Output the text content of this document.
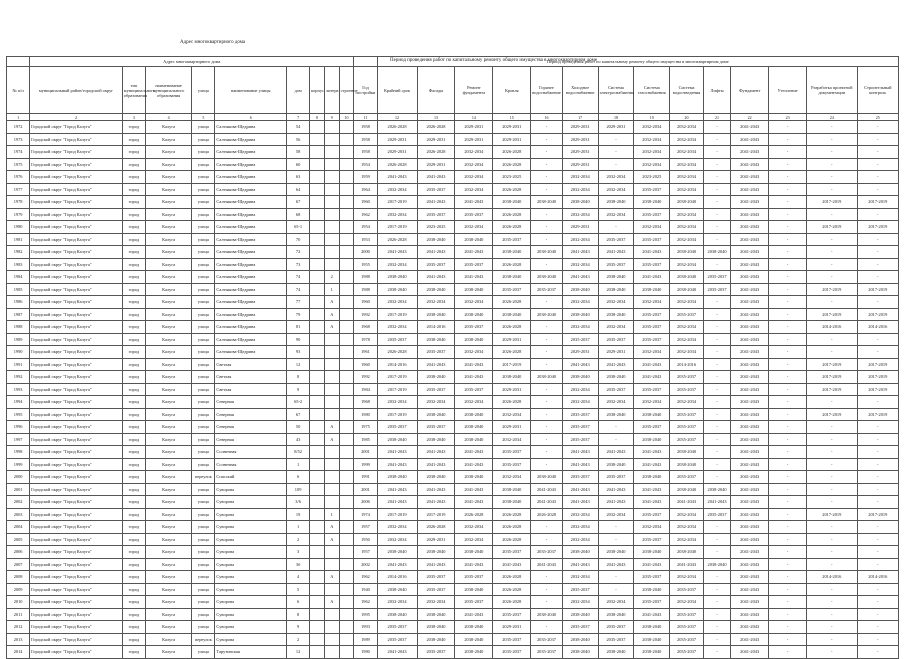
Адрес многоквартирного дома
Период проведения работ по капитальному ремонту общего имущества в многоквартирном доме
	Адрес многоквартирного дома										Период проведения работ по капитальному ремонту общего имущества в многоквартирном доме													
№ п/п	муниципальный район/городской округ	тип муниципального образования	наименование муниципального образования	улица	наименование улицы	дом	корпус	литера	строение	Год постройки	Крайний срок	Фасады	Ремонт фундамента	Кровля	Горячее водоснабжение	Холодное водоснабжение	Система электроснабжения	Система газоснабжения	Система водоотведения	Лифты	Фундамент	Утепление	Разработка проектной документации	Строительный контроль
1	2	3	4	5	6	7	8	9	10	11	12	13	14	15	16	17	18	19	20	21	22	23	24	25
1972	Городской округ "Город Калуга"	город	Калуга	улица	Салтыкова-Щедрина	54				1958	2026-2028	2026-2028	2029-2031	2029-2031	-	2029-2031	2029-2031	2032-2034	2032-2034	-	2041-2043	-	-	-
1973	Городской округ "Город Калуга"	город	Калуга	улица	Салтыкова-Щедрина	56				1958	2029-2031	2029-2031	2029-2031	2029-2031	-	2029-2031	-	2032-2034	2032-2034	-	2041-2043	-	-	-
1974	Городской округ "Город Калуга"	город	Калуга	улица	Салтыкова-Щедрина	58				1958	2029-2031	2026-2028	2032-2034	2026-2028	-	2029-2031	-	2032-2034	2032-2034	-	2041-2043	-	-	-
1975	Городской округ "Город Калуга"	город	Калуга	улица	Салтыкова-Щедрина	60				1954	2026-2028	2029-2031	2032-2034	2026-2028	-	2029-2031	-	2032-2034	2032-2034	-	2041-2043	-	-	-
1976	Городской округ "Город Калуга"	город	Калуга	улица	Салтыкова-Щедрина	63				1959	2041-2043	2041-2043	2032-2034	2023-2025	-	2032-2034	2032-2034	2023-2025	2032-2034	-	2041-2043	-	-	-
1977	Городской округ "Город Калуга"	город	Калуга	улица	Салтыкова-Щедрина	64				1964	2032-2034	2035-2037	2032-2034	2026-2028	-	2032-2034	2032-2034	2035-2037	2032-2034	-	2041-2043	-	-	-
1978	Городской округ "Город Калуга"	город	Калуга	улица	Салтыкова-Щедрина	67				1960	2017-2019	2041-2043	2041-2043	2038-2040	2038-2040	2038-2040	2038-2040	2038-2040	2038-2040	-	2041-2043	-	2017-2019	2017-2019
1979	Городской округ "Город Калуга"	город	Калуга	улица	Салтыкова-Щедрина	68				1962	2032-2034	2035-2037	2035-2037	2026-2028	-	2032-2034	2032-2034	2035-2037	2032-2034	-	2041-2043	-	-	-
1980	Городской округ "Город Калуга"	город	Калуга	улица	Салтыкова-Щедрина	65-1				1954	2017-2019	2023-2025	2032-2034	2026-2028	-	2029-2031	-	2032-2034	2032-2034	-	2041-2043	-	2017-2019	2017-2019
1981	Городской округ "Город Калуга"	город	Калуга	улица	Салтыкова-Щедрина	70				1953	2026-2028	2038-2040	2038-2040	2035-2037	-	2032-2034	2035-2037	2035-2037	2032-2034	-	2041-2043	-	-	-
1982	Городской округ "Город Калуга"	город	Калуга	улица	Салтыкова-Щедрина	72				2000	2041-2043	2041-2043	2041-2043	2038-2040	2038-2040	2041-2043	2041-2043	2041-2043	2038-2040	2038-2040	2041-2043	-	-	-
1983	Городской округ "Город Калуга"	город	Калуга	улица	Салтыкова-Щедрина	73				1955	2032-2034	2035-2037	2035-2037	2026-2028	-	2032-2034	2035-2037	2035-2037	2032-2034	-	2041-2043	-	-	-
1984	Городской округ "Город Калуга"	город	Калуга	улица	Салтыкова-Щедрина	74		2		1988	2038-2040	2041-2043	2041-2043	2038-2040	2038-2040	2041-2043	2038-2040	2041-2043	2038-2040	2035-2037	2041-2043	-	-	-
1985	Городской округ "Город Калуга"	город	Калуга	улица	Салтыкова-Щедрина	74		1		1988	2038-2040	2038-2040	2038-2040	2035-2037	2035-2037	2038-2040	2038-2040	2038-2040	2038-2040	2035-2037	2041-2043	-	2017-2019	2017-2019
1986	Городской округ "Город Калуга"	город	Калуга	улица	Салтыкова-Щедрина	77		А		1960	2032-2034	2032-2034	2032-2034	2026-2028	-	2032-2034	2032-2034	2032-2034	2032-2034	-	2041-2043	-	-	-
1987	Городской округ "Город Калуга"	город	Калуга	улица	Салтыкова-Щедрина	79		А		1992	2017-2019	2038-2040	2038-2040	2038-2040	2038-2040	2038-2040	2038-2040	2035-2037	2035-2037	-	2041-2043	-	2017-2019	2017-2019
1988	Городской округ "Город Калуга"	город	Калуга	улица	Салтыкова-Щедрина	81		А		1968	2032-2034	2014-2016	2035-2037	2026-2028	-	2032-2034	2032-2034	2035-2037	2032-2034	-	2041-2043	-	2014-2016	2014-2016
1989	Городской округ "Город Калуга"	город	Калуга	улица	Салтыкова-Щедрина	90				1978	2035-2037	2038-2040	2038-2040	2029-2031	-	2035-2037	2035-2037	2035-2037	2032-2034	-	2041-2043	-	-	-
1990	Городской округ "Город Калуга"	город	Калуга	улица	Салтыкова-Щедрина	93				1961	2026-2028	2035-2037	2032-2034	2026-2028	-	2029-2031	2029-2031	2032-2034	2032-2034	-	2041-2043	-	-	-
1991	Городской округ "Город Калуга"	город	Калуга	улица	Светлая	12				1960	2014-2016	2041-2043	2041-2043	2017-2019	-	2041-2043	2041-2043	2041-2043	2014-2016	-	2041-2043	-	2017-2019	2017-2019
1992	Городской округ "Город Калуга"	город	Калуга	улица	Светлая	8				1992	2017-2019	2038-2040	2041-2043	2038-2040	2038-2040	2038-2040	2038-2040	2041-2043	2035-2037	-	2041-2043	-	2017-2019	2017-2019
1993	Городской округ "Город Калуга"	город	Калуга	улица	Светлая	9				1984	2017-2019	2035-2037	2035-2037	2029-2031	-	2032-2034	2035-2037	2035-2037	2035-2037	-	2041-2043	-	2017-2019	2017-2019
1994	Городской округ "Город Калуга"	город	Калуга	улица	Северная	65-2				1968	2032-2034	2032-2034	2032-2034	2026-2028	-	2032-2034	2032-2034	2032-2034	2032-2034	-	2041-2043	-	-	-
1995	Городской округ "Город Калуга"	город	Калуга	улица	Северная	67				1980	2017-2019	2038-2040	2038-2040	2032-2034	-	2035-2037	2038-2040	2038-2040	2035-2037	-	2041-2043	-	2017-2019	2017-2019
1996	Городской округ "Город Калуга"	город	Калуга	улица	Северная	50		А		1975	2035-2037	2035-2037	2038-2040	2029-2031	-	2035-2037	-	2035-2037	2035-2037	-	2041-2043	-	-	-
1997	Городской округ "Город Калуга"	город	Калуга	улица	Северная	43		А		1985	2038-2040	2038-2040	2038-2040	2032-2034	-	2035-2037	-	2038-2040	2035-2037	-	2041-2043	-	-	-
1998	Городской округ "Город Калуга"	город	Калуга	улица	Солнечная	8/52				2001	2041-2043	2041-2043	2041-2043	2035-2037	-	2041-2043	2041-2043	2041-2043	2038-2040	-	2041-2043	-	-	-
1999	Городской округ "Город Калуга"	город	Калуга	улица	Солнечная	1				1999	2041-2043	2041-2043	2041-2043	2035-2037	-	2041-2043	2038-2040	2041-2043	2038-2040	-	2041-2043	-	-	-
2000	Городской округ "Город Калуга"	город	Калуга	переулок	Спасский	6				1991	2038-2040	2038-2040	2038-2040	2032-2034	2038-2040	2035-2037	2035-2037	2038-2040	2035-2037	-	2041-2043	-	-	-
2001	Городской округ "Город Калуга"	город	Калуга	улица	Суворова	109				2001	2041-2043	2041-2043	2041-2043	2038-2040	2041-2043	2041-2043	2041-2043	2041-2043	2038-2040	2038-2040	2041-2043	-	-	-
2002	Городской округ "Город Калуга"	город	Калуга	улица	Суворова	3/6				2006	2041-2043	2041-2043	2041-2043	2038-2040	2041-2043	2041-2043	2041-2043	2041-2043	2041-2043	2041-2043	2041-2043	-	-	-
2003	Городской округ "Город Калуга"	город	Калуга	улица	Суворова	19		1		1974	2017-2019	2017-2019	2026-2028	2026-2028	2026-2028	2032-2034	2032-2034	2035-2037	2032-2034	2035-2037	2041-2043	-	2017-2019	2017-2019
2004	Городской округ "Город Калуга"	город	Калуга	улица	Суворова	1		А		1957	2032-2034	2026-2028	2032-2034	2026-2028	-	2032-2034	-	2032-2034	2032-2034	-	2041-2043	-	-	-
2005	Городской округ "Город Калуга"	город	Калуга	улица	Суворова	2		А		1950	2032-2034	2029-2031	2032-2034	2026-2028	-	2032-2034	-	2035-2037	2032-2034	-	2041-2043	-	-	-
2006	Городской округ "Город Калуга"	город	Калуга	улица	Суворова	3				1957	2038-2040	2038-2040	2038-2040	2035-2037	2035-2037	2038-2040	2038-2040	2038-2040	2038-2040	-	2041-2043	-	-	-
2007	Городской округ "Город Калуга"	город	Калуга	улица	Суворова	3б				2002	2041-2043	2041-2043	2041-2043	2041-2043	2041-2043	2041-2043	2041-2043	2041-2043	2041-2043	2038-2040	2041-2043	-	-	-
2008	Городской округ "Город Калуга"	город	Калуга	улица	Суворова	4		А		1962	2014-2016	2035-2037	2035-2037	2026-2028	-	2032-2034	-	2035-2037	2032-2034	-	2041-2043	-	2014-2016	2014-2016
2009	Городской округ "Город Калуга"	город	Калуга	улица	Суворова	5				1940	2038-2040	2035-2037	2038-2040	2026-2028	-	2035-2037	-	2038-2040	2035-2037	-	2041-2043	-	-	-
2010	Городской округ "Город Калуга"	город	Калуга	улица	Суворова	6		А		1962	2032-2034	2032-2034	2035-2037	2026-2028	-	2032-2034	2032-2034	2035-2037	2032-2034	-	2041-2043	-	-	-
2011	Городской округ "Город Калуга"	город	Калуга	улица	Суворова	8				1995	2038-2040	2038-2040	2041-2043	2035-2037	2038-2040	2038-2040	2038-2040	2041-2043	2035-2037	-	2041-2043	-	-	-
2012	Городской округ "Город Калуга"	город	Калуга	улица	Суворова	9				1993	2035-2037	2038-2040	2038-2040	2029-2031	-	2035-2037	2035-2037	2038-2040	2035-2037	-	2041-2043	-	-	-
2013	Городской округ "Город Калуга"	город	Калуга	переулок	Суворова	2				1989	2035-2037	2038-2040	2038-2040	2035-2037	2035-2037	2038-2040	2035-2037	2038-2040	2035-2037	-	2041-2043	-	-	-
2014	Городской округ "Город Калуга"	город	Калуга	улица	Тарутинская	12				1980	2041-2043	2035-2037	2038-2040	2035-2037	2035-2037	2038-2040	2038-2040	2038-2040	2035-2037	-	2041-2043	-	-	-
